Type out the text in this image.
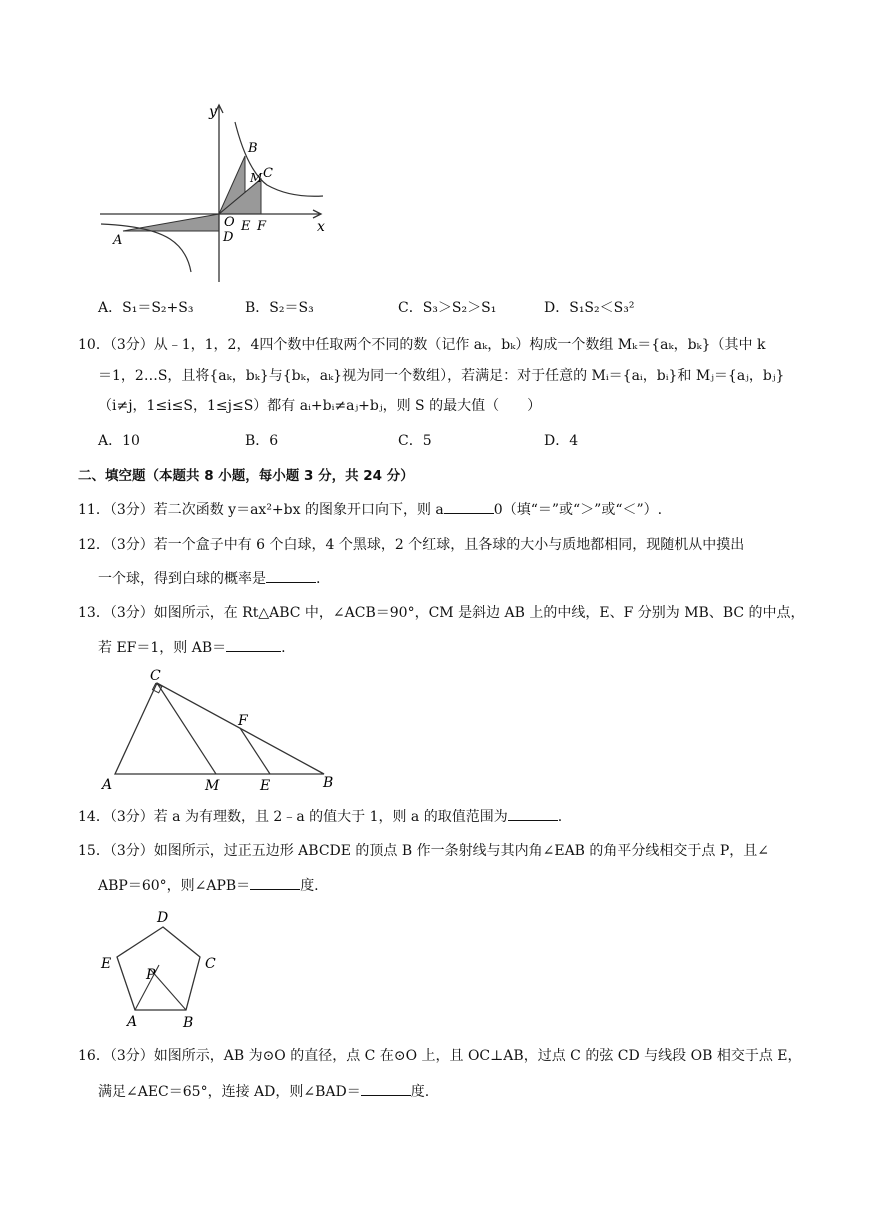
y
x
B
C
M
O
D
E F
A
A．S₁＝S₂+S₃	B．S₂＝S₃	C．S₃＞S₂＞S₁	D．S₁S₂＜S₃²
10．（3分）从﹣1，1，2，4四个数中任取两个不同的数（记作 aₖ，bₖ）构成一个数组 Mₖ＝{aₖ，bₖ}（其中 k
＝1，2…S，且将{aₖ，bₖ}与{bₖ，aₖ}视为同一个数组），若满足：对于任意的 Mᵢ＝{aᵢ，bᵢ}和 Mⱼ＝{aⱼ，bⱼ}
（i≠j，1≤i≤S，1≤j≤S）都有 aᵢ+bᵢ≠aⱼ+bⱼ，则 S 的最大值（　　）
A．10	B．6	C．5	D．4
二、填空题（本题共 8 小题，每小题 3 分，共 24 分）
11．（3分）若二次函数 y＝ax²+bx 的图象开口向下，则 a	0（填“＝”或“＞”或“＜”）.
12．（3分）若一个盒子中有 6 个白球，4 个黑球，2 个红球，且各球的大小与质地都相同，现随机从中摸出
一个球，得到白球的概率是	.
13．（3分）如图所示，在 Rt△ABC 中，∠ACB＝90°，CM 是斜边 AB 上的中线，E、F 分别为 MB、BC 的中点，
若 EF＝1，则 AB＝	.
C
F
A	M	E	B
14．（3分）若 a 为有理数，且 2﹣a 的值大于 1，则 a 的取值范围为	.
15．（3分）如图所示，过正五边形 ABCDE 的顶点 B 作一条射线与其内角∠EAB 的角平分线相交于点 P，且∠
ABP＝60°，则∠APB＝	度.
D
E	C
P
A	B
16．（3分）如图所示，AB 为⊙O 的直径，点 C 在⊙O 上，且 OC⊥AB，过点 C 的弦 CD 与线段 OB 相交于点 E，
满足∠AEC＝65°，连接 AD，则∠BAD＝	度.
